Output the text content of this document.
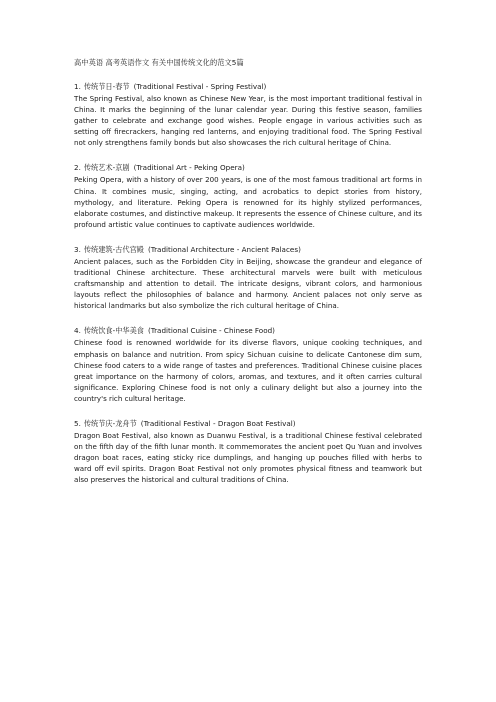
高中英语 高考英语作文 有关中国传统文化的范文5篇
1. 传统节日-春节 (Traditional Festival - Spring Festival)

The Spring Festival, also known as Chinese New Year, is the most important traditional festival in China. It marks the beginning of the lunar calendar year. During this festive season, families gather to celebrate and exchange good wishes. People engage in various activities such as setting off firecrackers, hanging red lanterns, and enjoying traditional food. The Spring Festival not only strengthens family bonds but also showcases the rich cultural heritage of China.

2. 传统艺术-京剧 (Traditional Art - Peking Opera)

Peking Opera, with a history of over 200 years, is one of the most famous traditional art forms in China. It combines music, singing, acting, and acrobatics to depict stories from history, mythology, and literature. Peking Opera is renowned for its highly stylized performances, elaborate costumes, and distinctive makeup. It represents the essence of Chinese culture, and its profound artistic value continues to captivate audiences worldwide.

3. 传统建筑-古代宫殿 (Traditional Architecture - Ancient Palaces)

Ancient palaces, such as the Forbidden City in Beijing, showcase the grandeur and elegance of traditional Chinese architecture. These architectural marvels were built with meticulous craftsmanship and attention to detail. The intricate designs, vibrant colors, and harmonious layouts reflect the philosophies of balance and harmony. Ancient palaces not only serve as historical landmarks but also symbolize the rich cultural heritage of China.

4. 传统饮食-中华美食 (Traditional Cuisine - Chinese Food)

Chinese food is renowned worldwide for its diverse flavors, unique cooking techniques, and emphasis on balance and nutrition. From spicy Sichuan cuisine to delicate Cantonese dim sum, Chinese food caters to a wide range of tastes and preferences. Traditional Chinese cuisine places great importance on the harmony of colors, aromas, and textures, and it often carries cultural significance. Exploring Chinese food is not only a culinary delight but also a journey into the country's rich cultural heritage.

5. 传统节庆-龙舟节 (Traditional Festival - Dragon Boat Festival)

Dragon Boat Festival, also known as Duanwu Festival, is a traditional Chinese festival celebrated on the fifth day of the fifth lunar month. It commemorates the ancient poet Qu Yuan and involves dragon boat races, eating sticky rice dumplings, and hanging up pouches filled with herbs to ward off evil spirits. Dragon Boat Festival not only promotes physical fitness and teamwork but also preserves the historical and cultural traditions of China.
